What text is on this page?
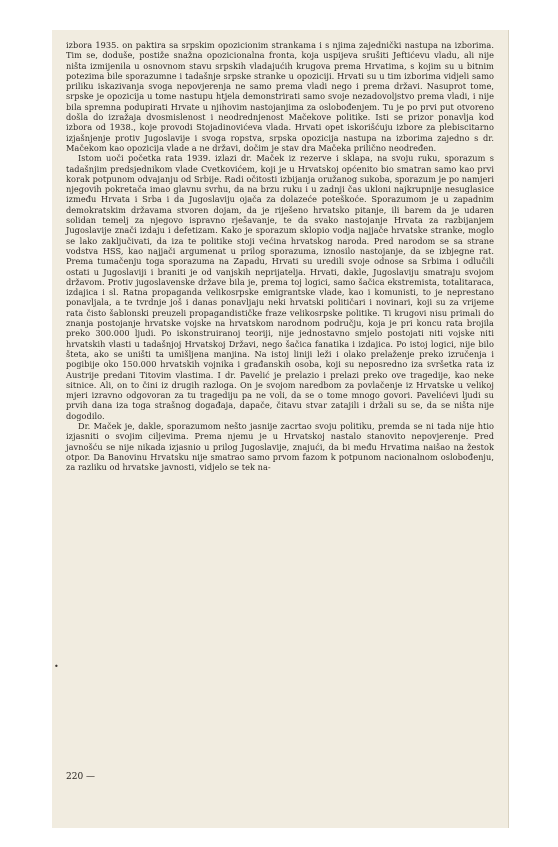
izbora 1935. on paktira sa srpskim opozicionim strankama i s njima zajednički nastupa na izborima. Tim se, doduše, postiže snažna opozicionalna fronta, koja uspijeva srušiti Jeftićevu vladu, ali nije ništa izmijenila u osnovnom stavu srpskih vladajućih krugova prema Hrvatima, s kojim su u bitnim potezima bile sporazumne i tadašnje srpske stranke u opoziciji. Hrvati su u tim izborima vidjeli samo priliku iskazivanja svoga nepovjerenja ne samo prema vladi nego i prema državi. Nasuprot tome, srpske je opozicija u tome nastupu htjela demonstrirati samo svoje nezadovoljstvo prema vladi, i nije bila spremna podupirati Hrvate u njihovim nastojanjima za oslobođenjem. Tu je po prvi put otvoreno došla do izražaja dvosmislenost i neodrednjenost Mačekove politike. Isti se prizor ponavlja kod izbora od 1938., koje provodi Stojadinovićeva vlada. Hrvati opet iskorišćuju izbore za plebiscitarno izjašnjenje protiv Jugoslavije i svoga ropstva, srpska opozicija nastupa na izborima zajedno s dr. Mačekom kao opozicija vlade a ne državi, dočim je stav dra Mačeka prilično neodređen.

Istom uoči početka rata 1939. izlazi dr. Maček iz rezerve i sklapa, na svoju ruku, sporazum s tadašnjim predsjednikom vlade Cvetkovićem, koji je u Hrvatskoj općenito bio smatran samo kao prvi korak potpunom odvajanju od Srbije. Radi očitosti izbijanja oružanog sukoba, sporazum je po namjeri njegovih pokretača imao glavnu svrhu, da na brzu ruku i u zadnji čas ukloni najkrupnije nesuglasice između Hrvata i Srba i da Jugoslaviju ojača za dolazeće poteškoće. Sporazumom je u zapadnim demokratskim državama stvoren dojam, da je riješeno hrvatsko pitanje, ili barem da je udaren solidan temelj za njegovo ispravno rješavanje, te da svako nastojanje Hrvata za razbijanjem Jugoslavije znači izdaju i defetizam. Kako je sporazum sklopio vodja najjače hrvatske stranke, moglo se lako zaključivati, da iza te politike stoji većina hrvatskog naroda. Pred narodom se sa strane vodstva HSS, kao najjači argumenat u prilog sporazuma, iznosilo nastojanje, da se izbjegne rat. Prema tumačenju toga sporazuma na Zapadu, Hrvati su uredili svoje odnose sa Srbima i odlučili ostati u Jugoslaviji i braniti je od vanjskih neprijatelja. Hrvati, dakle, Jugoslaviju smatraju svojom državom. Protiv jugoslavenske države bila je, prema toj logici, samo šačica ekstremista, totalitaraca, izdajica i sl. Ratna propaganda velikosrpske emigrantske vlade, kao i komunisti, to je neprestano ponavljala, a te tvrdnje još i danas ponavljaju neki hrvatski političari i novinari, koji su za vrijeme rata čisto šablonski preuzeli propagandističke fraze velikosrpske politike. Ti krugovi nisu primali do znanja postojanje hrvatske vojske na hrvatskom narodnom području, koja je pri koncu rata brojila preko 300.000 ljudi. Po iskonstruiranoj teoriji, nije jednostavno smjelo postojati niti vojske niti hrvatskih vlasti u tadašnjoj Hrvatskoj Državi, nego šačica fanatika i izdajica. Po istoj logici, nije bilo šteta, ako se uništi ta umišljena manjina. Na istoj liniji leži i olako prelaženje preko izručenja i pogibije oko 150.000 hrvatskih vojnika i građanskih osoba, koji su neposredno iza svršetka rata iz Austrije predani Titovim vlastima. I dr. Pavelić je prelazio i prelazi preko ove tragedije, kao neke sitnice. Ali, on to čini iz drugih razloga. On je svojom naredbom za povlačenje iz Hrvatske u velikoj mjeri izravno odgovoran za tu tragediju pa ne voli, da se o tome mnogo govori. Pavelićevi ljudi su prvih dana iza toga strašnog događaja, dapače, čitavu stvar zatajili i držali su se, da se ništa nije dogodilo.

Dr. Maček je, dakle, sporazumom nešto jasnije zacrtao svoju politiku, premda se ni tada nije htio izjasniti o svojim ciljevima. Prema njemu je u Hrvatskoj nastalo stanovito nepovjerenje. Pred javnošću se nije nikada izjasnio u prilog Jugoslavije, znajući, da bi među Hrvatima naišao na žestok otpor. Da Banovinu Hrvatsku nije smatrao samo prvom fazom k potpunom nacionalnom oslobođenju, za razliku od hrvatske javnosti, vidjelo se tek na-

•
220 —
